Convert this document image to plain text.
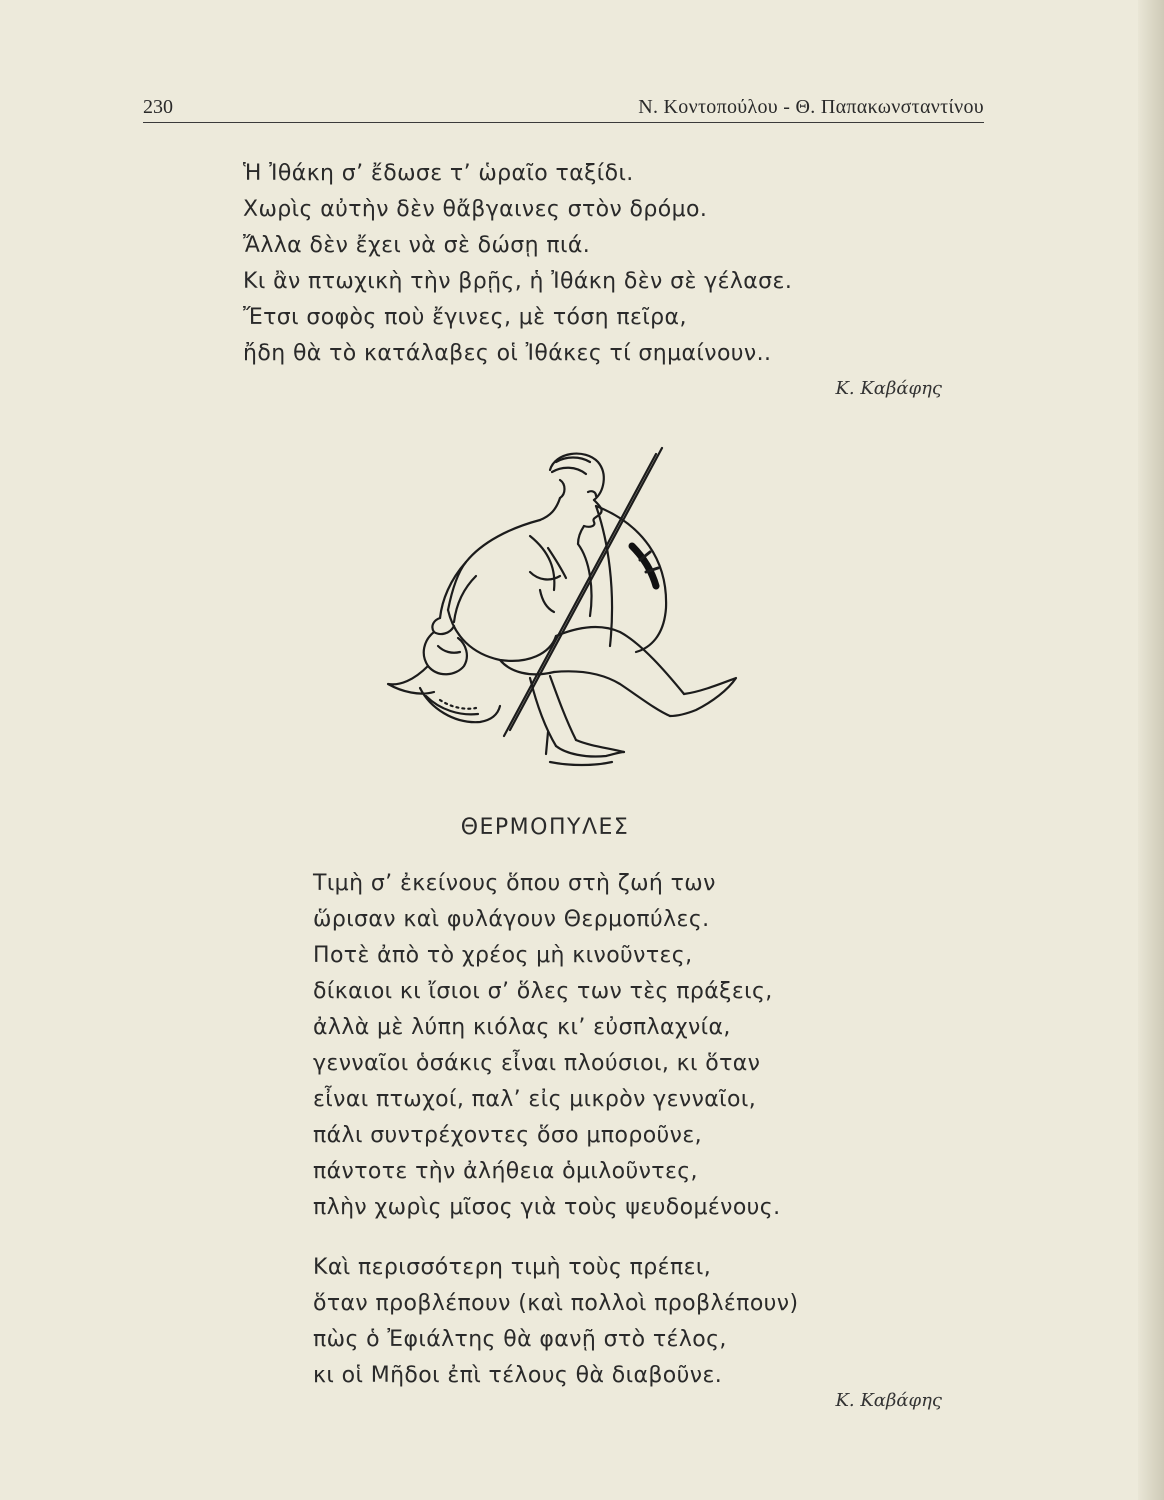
230	Ν. Κοντοπούλου - Θ. Παπακωνσταντίνου
Ἡ Ἰθάκη σ’ ἔδωσε τ’ ὡραῖο ταξίδι.
Χωρὶς αὐτὴν δὲν θἄβγαινες στὸν δρόμο.
Ἄλλα δὲν ἔχει νὰ σὲ δώσῃ πιά.
Κι ἂν πτωχικὴ τὴν βρῇς, ἡ Ἰθάκη δὲν σὲ γέλασε.
Ἔτσι σοφὸς ποὺ ἔγινες, μὲ τόση πεῖρα,
ἤδη θὰ τὸ κατάλαβες οἱ Ἰθάκες τί σημαίνουν..
Κ. Καβάφης
ΘΕΡΜΟΠΥΛΕΣ
Τιμὴ σ’ ἐκείνους ὅπου στὴ ζωή των
ὥρισαν καὶ φυλάγουν Θερμοπύλες.
Ποτὲ ἀπὸ τὸ χρέος μὴ κινοῦντες,
δίκαιοι κι ἴσιοι σ’ ὅλες των τὲς πράξεις,
ἀλλὰ μὲ λύπη κιόλας κι’ εὐσπλαχνία,
γενναῖοι ὁσάκις εἶναι πλούσιοι, κι ὅταν
εἶναι πτωχοί, παλ’ εἰς μικρὸν γενναῖοι,
πάλι συντρέχοντες ὅσο μποροῦνε,
πάντοτε τὴν ἀλήθεια ὁμιλοῦντες,
πλὴν χωρὶς μῖσος γιὰ τοὺς ψευδομένους.
Καὶ περισσότερη τιμὴ τοὺς πρέπει,
ὅταν προβλέπουν (καὶ πολλοὶ προβλέπουν)
πὼς ὁ Ἐφιάλτης θὰ φανῇ στὸ τέλος,
κι οἱ Μῆδοι ἐπὶ τέλους θὰ διαβοῦνε.
Κ. Καβάφης
